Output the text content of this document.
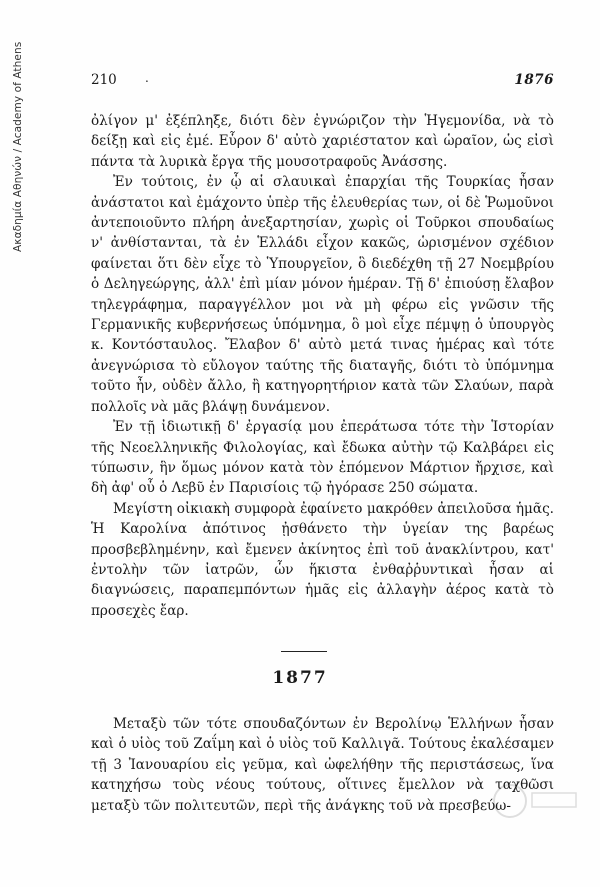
Ακαδημία Αθηνών / Academy of Athens	210 .	1876

ὀλίγον μ' ἐξέπληξε, διότι δὲν ἐγνώριζον τὴν Ἡγεμονίδα, νὰ τὸ δείξῃ καὶ εἰς ἐμέ. Εὗρον δ' αὐτὸ χαριέστατον καὶ ὡραῖον, ὡς εἰσὶ πάντα τὰ λυρικὰ ἔργα τῆς μουσοτραφοῦς Ἀνάσσης.

Ἐν τούτοις, ἐν ᾧ αἱ σλαυικαὶ ἐπαρχίαι τῆς Τουρκίας ἦσαν ἀνάστατοι καὶ ἐμάχοντο ὑπὲρ τῆς ἐλευθερίας των, οἱ δὲ Ῥωμοῦνοι ἀντεποιοῦντο πλήρη ἀνεξαρτησίαν, χωρὶς οἱ Τοῦρκοι σπουδαίως ν' ἀνθίστανται, τὰ ἐν Ἑλλάδι εἶχον κακῶς, ὡρισμένον σχέδιον φαίνεται ὅτι δὲν εἶχε τὸ Ὑπουργεῖον, ὃ διεδέχθη τῇ 27 Νοεμβρίου ὁ Δεληγεώργης, ἀλλ' ἐπὶ μίαν μόνον ἡμέραν. Τῇ δ' ἐπιούσῃ ἔλαβον τηλεγράφημα, παραγγέλλον μοι νὰ μὴ φέρω εἰς γνῶσιν τῆς Γερμανικῆς κυβερνήσεως ὑπόμνημα, ὃ μοὶ εἶχε πέμψῃ ὁ ὑπουργὸς κ. Κοντόσταυλος. Ἔλαβον δ' αὐτὸ μετά τινας ἡμέρας καὶ τότε ἀνεγνώρισα τὸ εὔλογον ταύτης τῆς διαταγῆς, διότι τὸ ὑπόμνημα τοῦτο ἦν, οὐδὲν ἄλλο, ἢ κατηγορητήριον κατὰ τῶν Σλαύων, παρὰ πολλοῖς νὰ μᾶς βλάψῃ δυνάμενον.

Ἐν τῇ ἰδιωτικῇ δ' ἐργασίᾳ μου ἐπεράτωσα τότε τὴν Ἱστορίαν τῆς Νεοελληνικῆς Φιλολογίας, καὶ ἔδωκα αὐτὴν τῷ Καλβάρει εἰς τύπωσιν, ἣν ὅμως μόνον κατὰ τὸν ἑπόμενον Μάρτιον ἤρχισε, καὶ δὴ ἀφ' οὗ ὁ Λεβῦ ἐν Παρισίοις τῷ ἠγόρασε 250 σώματα.

Μεγίστη οἰκιακὴ συμφορὰ ἐφαίνετο μακρόθεν ἀπειλοῦσα ἡμᾶς. Ἡ Καρολίνα ἀπότινος ᾐσθάνετο τὴν ὑγείαν της βαρέως προσβεβλημένην, καὶ ἔμενεν ἀκίνητος ἐπὶ τοῦ ἀνακλίντρου, κατ' ἐντολὴν τῶν ἰατρῶν, ὧν ἥκιστα ἐνθαῤῥυντικαὶ ἦσαν αἱ διαγνώσεις, παραπεμπόντων ἡμᾶς εἰς ἀλλαγὴν ἀέρος κατὰ τὸ προσεχὲς ἔαρ.

1877

Μεταξὺ τῶν τότε σπουδαζόντων ἐν Βερολίνῳ Ἑλλήνων ἦσαν καὶ ὁ υἱὸς τοῦ Ζαΐμη καὶ ὁ υἱὸς τοῦ Καλλιγᾶ. Τούτους ἐκαλέσαμεν τῇ 3 Ἰανουαρίου εἰς γεῦμα, καὶ ὠφελήθην τῆς περιστάσεως, ἵνα κατηχήσω τοὺς νέους τούτους, οἵτινες ἔμελλον νὰ ταχθῶσι μεταξὺ τῶν πολιτευτῶν, περὶ τῆς ἀνάγκης τοῦ νὰ πρεσβεύω-
